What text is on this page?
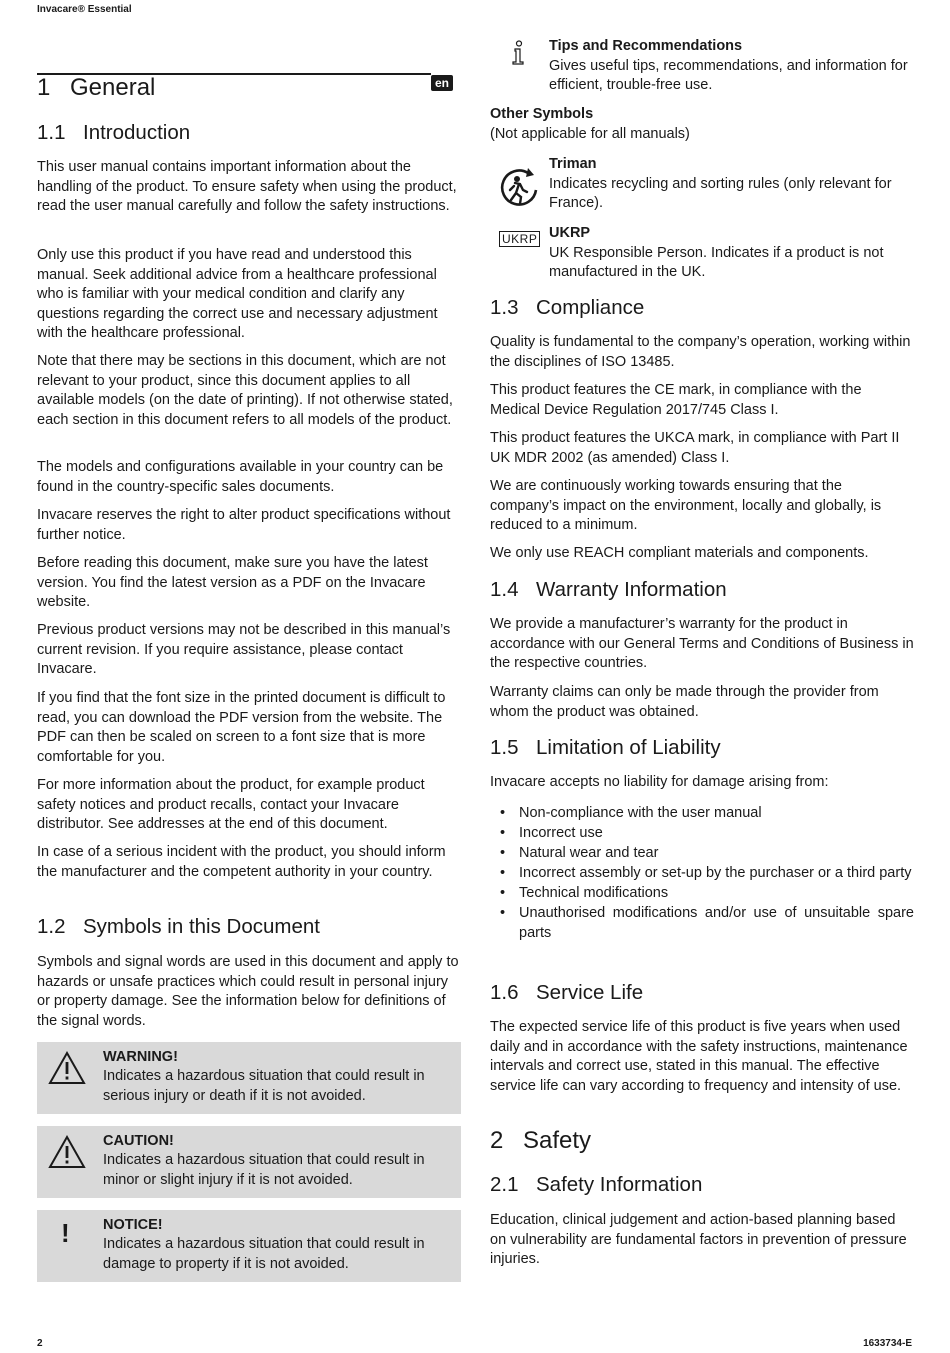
Invacare® Essential
en
1 General
1.1 Introduction

This user manual contains important information about the handling of the product. To ensure safety when using the product, read the user manual carefully and follow the safety instructions.

Only use this product if you have read and understood this manual. Seek additional advice from a healthcare professional who is familiar with your medical condition and clarify any questions regarding the correct use and necessary adjustment with the healthcare professional.

Note that there may be sections in this document, which are not relevant to your product, since this document applies to all available models (on the date of printing). If not otherwise stated, each section in this document refers to all models of the product.

The models and configurations available in your country can be found in the country-specific sales documents.

Invacare reserves the right to alter product specifications without further notice.

Before reading this document, make sure you have the latest version. You find the latest version as a PDF on the Invacare website.

Previous product versions may not be described in this manual’s current revision. If you require assistance, please contact Invacare.

If you find that the font size in the printed document is difficult to read, you can download the PDF version from the website. The PDF can then be scaled on screen to a font size that is more comfortable for you.

For more information about the product, for example product safety notices and product recalls, contact your Invacare distributor. See addresses at the end of this document.

In case of a serious incident with the product, you should inform the manufacturer and the competent authority in your country.

1.2 Symbols in this Document

Symbols and signal words are used in this document and apply to hazards or unsafe practices which could result in personal injury or property damage. See the information below for definitions of the signal words.

WARNING!
Indicates a hazardous situation that could result in serious injury or death if it is not avoided.
CAUTION!
Indicates a hazardous situation that could result in minor or slight injury if it is not avoided.
! NOTICE!
Indicates a hazardous situation that could result in damage to property if it is not avoided.
Tips and Recommendations
Gives useful tips, recommendations, and information for efficient, trouble-free use.
Other Symbols
(Not applicable for all manuals)
Triman
Indicates recycling and sorting rules (only relevant for France).
UKRP UKRP
UK Responsible Person. Indicates if a product is not manufactured in the UK.
1.3 Compliance

Quality is fundamental to the company’s operation, working within the disciplines of ISO 13485.

This product features the CE mark, in compliance with the Medical Device Regulation 2017/745 Class I.

This product features the UKCA mark, in compliance with Part II UK MDR 2002 (as amended) Class I.

We are continuously working towards ensuring that the company’s impact on the environment, locally and globally, is reduced to a minimum.

We only use REACH compliant materials and components.

1.4 Warranty Information

We provide a manufacturer’s warranty for the product in accordance with our General Terms and Conditions of Business in the respective countries.

Warranty claims can only be made through the provider from whom the product was obtained.

1.5 Limitation of Liability

Invacare accepts no liability for damage arising from:

• Non-compliance with the user manual
• Incorrect use
• Natural wear and tear
• Incorrect assembly or set-up by the purchaser or a third party
• Technical modifications
• Unauthorised modifications and/or use of unsuitable spare parts
1.6 Service Life

The expected service life of this product is five years when used daily and in accordance with the safety instructions, maintenance intervals and correct use, stated in this manual. The effective service life can vary according to frequency and intensity of use.

2 Safety
2.1 Safety Information

Education, clinical judgement and action-based planning based on vulnerability are fundamental factors in prevention of pressure injuries.

2	1633734-E
